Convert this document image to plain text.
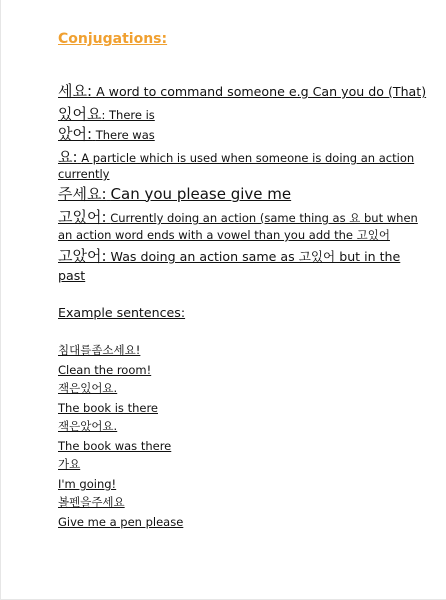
Conjugations:
세요: A word to command someone e.g Can you do (That)
있어요: There is
았어: There was
요: A particle which is used when someone is doing an action
currently
주세요: Can you please give me
고있어: Currently doing an action (same thing as 요 but when
an action word ends with a vowel than you add the 고있어
고았어: Was doing an action same as 고있어 but in the
past
Example sentences:
침대를좀소세요!
Clean the room!
잭은있어요.
The book is there
잭은았어요.
The book was there
가요
I'm going!
볼펜을주세요
Give me a pen please
